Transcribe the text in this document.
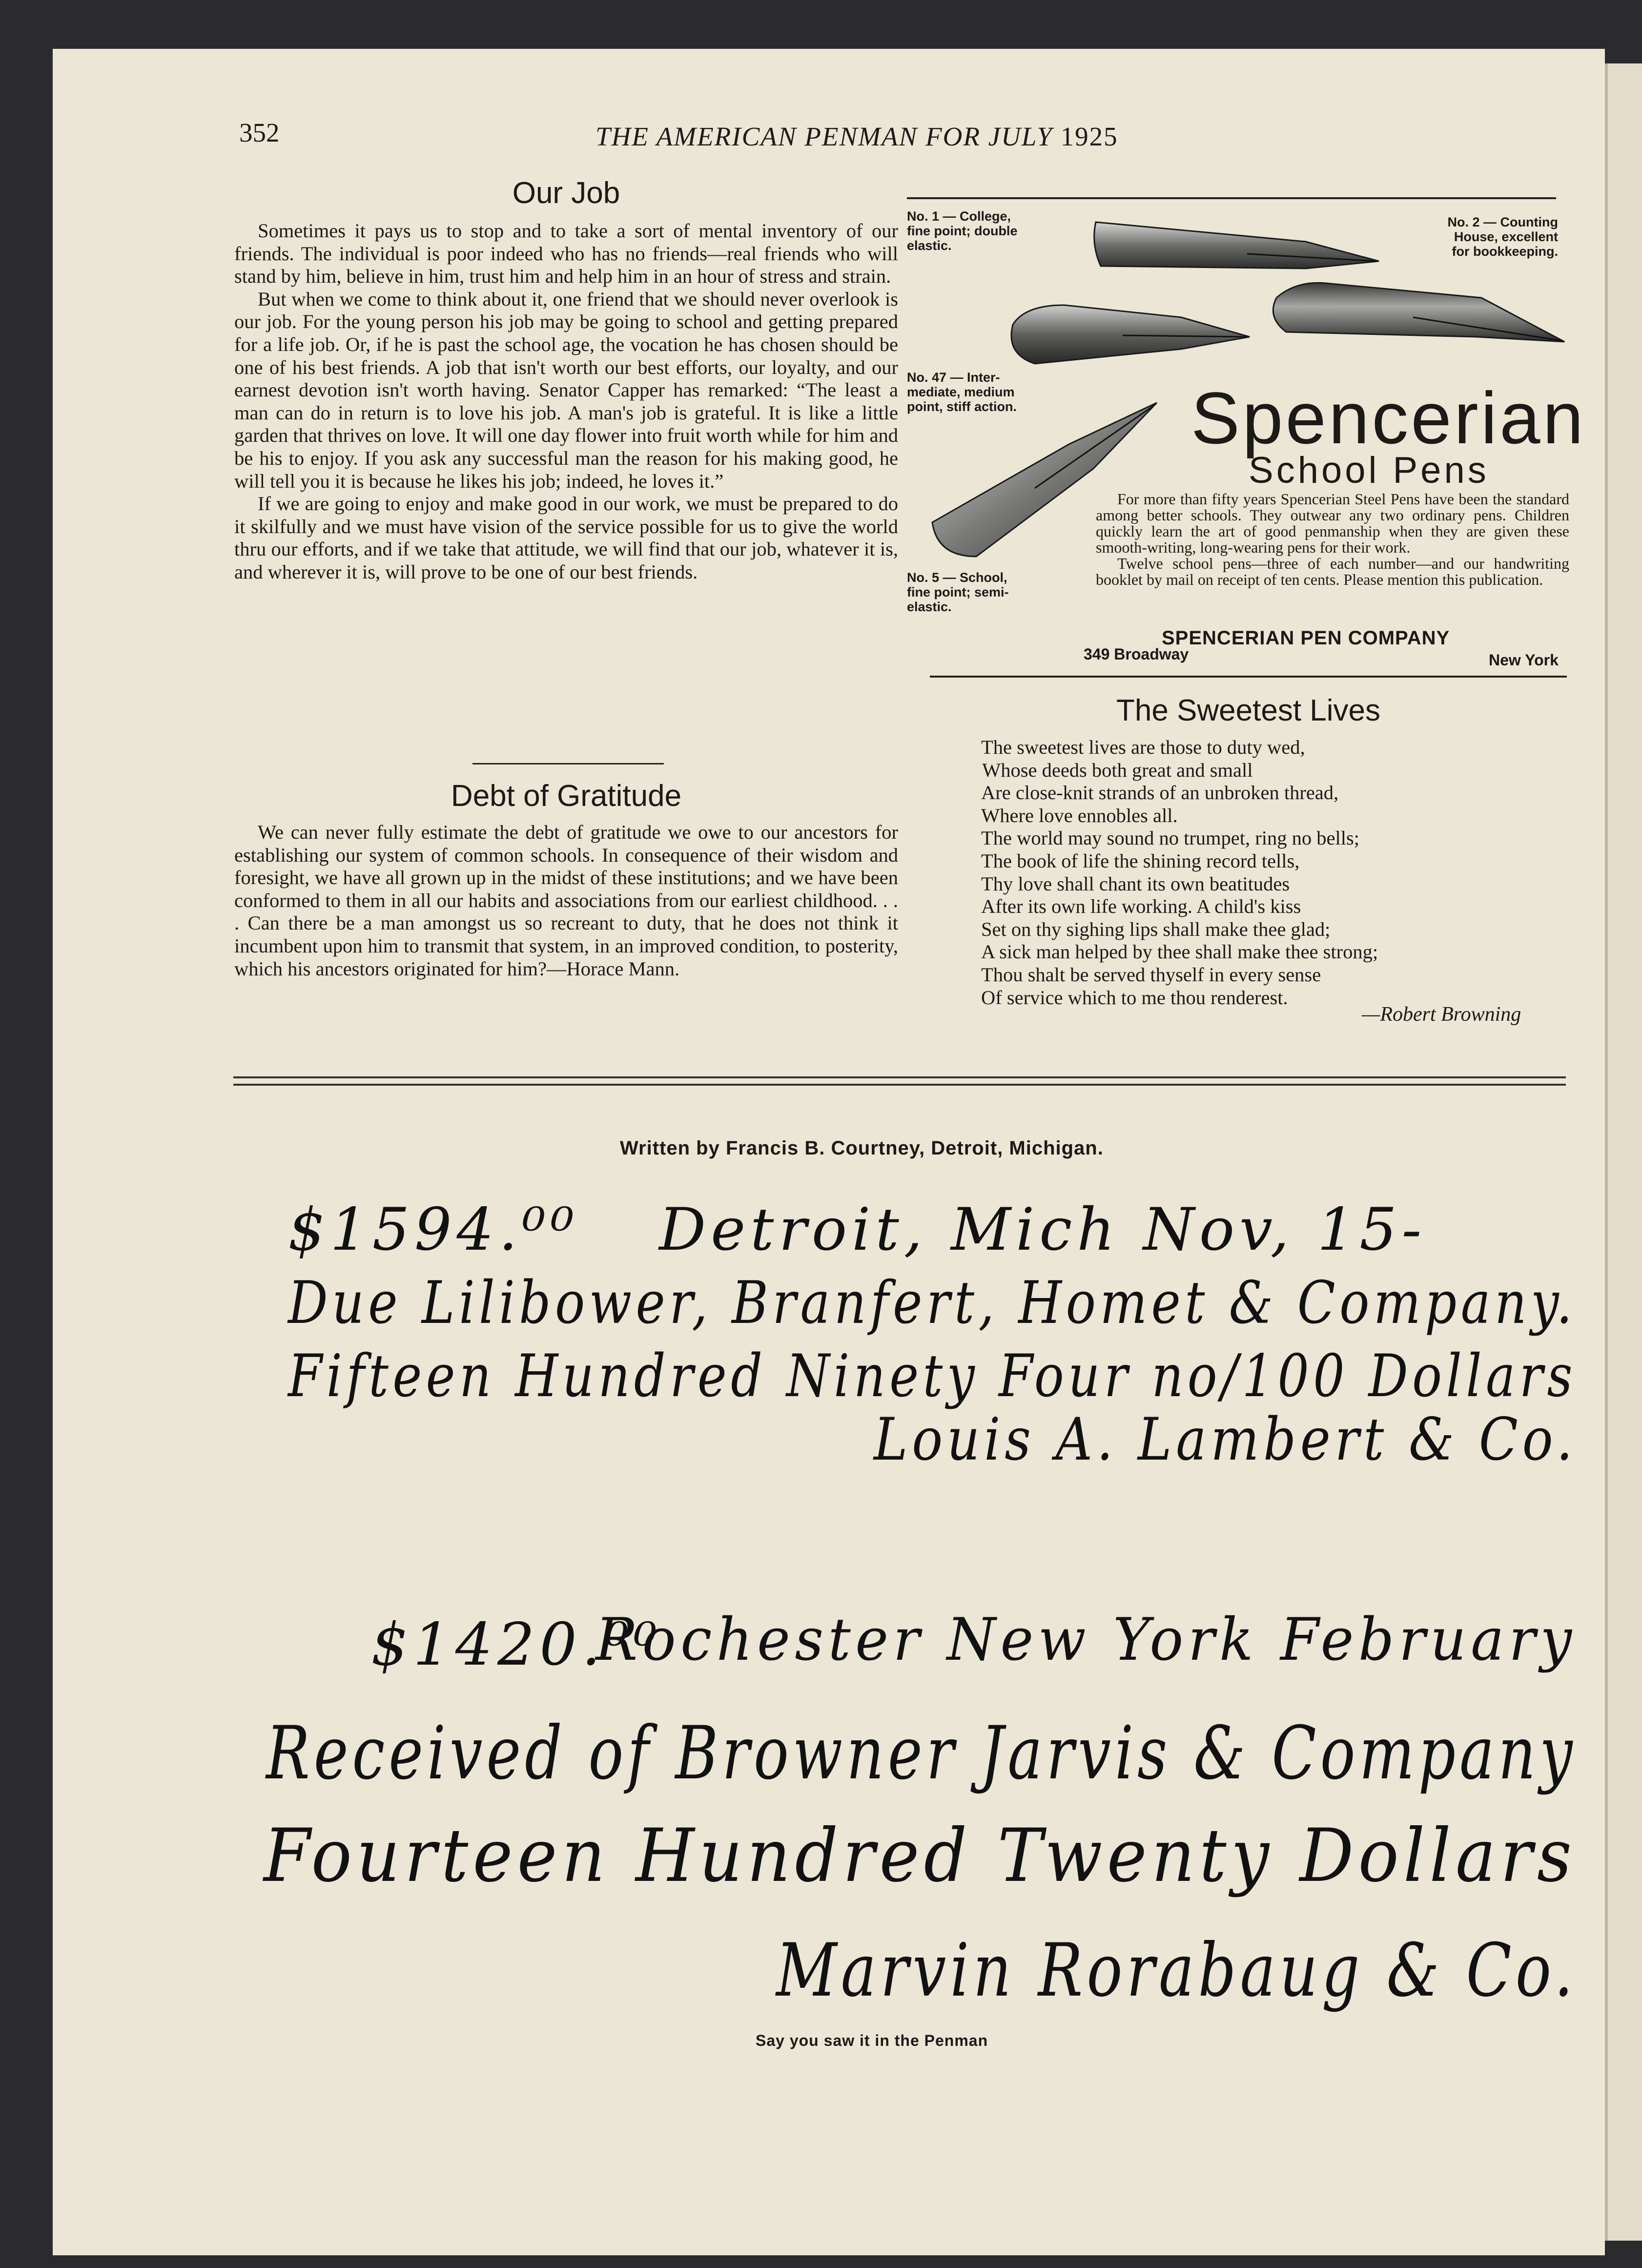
352	THE AMERICAN PENMAN FOR JULY 1925
Our Job

Sometimes it pays us to stop and to take a sort of mental inventory of our friends. The individual is poor indeed who has no friends—real friends who will stand by him, believe in him, trust him and help him in an hour of stress and strain.

But when we come to think about it, one friend that we should never overlook is our job. For the young person his job may be going to school and getting prepared for a life job. Or, if he is past the school age, the vocation he has chosen should be one of his best friends. A job that isn't worth our best efforts, our loyalty, and our earnest devotion isn't worth having. Senator Capper has remarked: “The least a man can do in return is to love his job. A man's job is grateful. It is like a little garden that thrives on love. It will one day flower into fruit worth while for him and be his to enjoy. If you ask any successful man the reason for his making good, he will tell you it is because he likes his job; indeed, he loves it.”

If we are going to enjoy and make good in our work, we must be prepared to do it skilfully and we must have vision of the service possible for us to give the world thru our efforts, and if we take that attitude, we will find that our job, whatever it is, and wherever it is, will prove to be one of our best friends.

Debt of Gratitude

We can never fully estimate the debt of gratitude we owe to our ancestors for establishing our system of common schools. In consequence of their wisdom and foresight, we have all grown up in the midst of these institutions; and we have been conformed to them in all our habits and associations from our earliest childhood. . . . Can there be a man amongst us so recreant to duty, that he does not think it incumbent upon him to transmit that system, in an improved condition, to posterity, which his ancestors originated for him?—Horace Mann.

No. 1 — College,
fine point; double
elastic.
No. 2 — Counting
House, excellent
for bookkeeping.
No. 47 — Inter-
mediate, medium
point, stiff action.
No. 5 — School,
fine point; semi-
elastic.
Spencerian
School Pens

For more than fifty years Spencerian Steel Pens have been the standard among better schools. They outwear any two ordinary pens. Children quickly learn the art of good penmanship when they are given these smooth-writing, long-wearing pens for their work.

Twelve school pens—three of each number—and our handwriting booklet by mail on receipt of ten cents. Please mention this publication.

SPENCERIAN PEN COMPANY
349 Broadway	New York
The Sweetest Lives
The sweetest lives are those to duty wed,
Whose deeds both great and small
Are close-knit strands of an unbroken thread,
Where love ennobles all.
The world may sound no trumpet, ring no bells;
The book of life the shining record tells,
Thy love shall chant its own beatitudes
After its own life working. A child's kiss
Set on thy sighing lips shall make thee glad;
A sick man helped by thee shall make thee strong;
Thou shalt be served thyself in every sense
Of service which to me thou renderest.
—Robert Browning
Written by Francis B. Courtney, Detroit, Michigan.
$1594.⁰⁰ Detroit, Mich Nov, 15-
Due Lilibower, Branfert, Homet & Company.
Fifteen Hundred Ninety Four no/100 Dollars
Louis A. Lambert & Co.
$1420.⁰⁰
Rochester New York February
Received of Browner Jarvis & Company
Fourteen Hundred Twenty Dollars
Marvin Rorabaug & Co.
Say you saw it in the Penman
